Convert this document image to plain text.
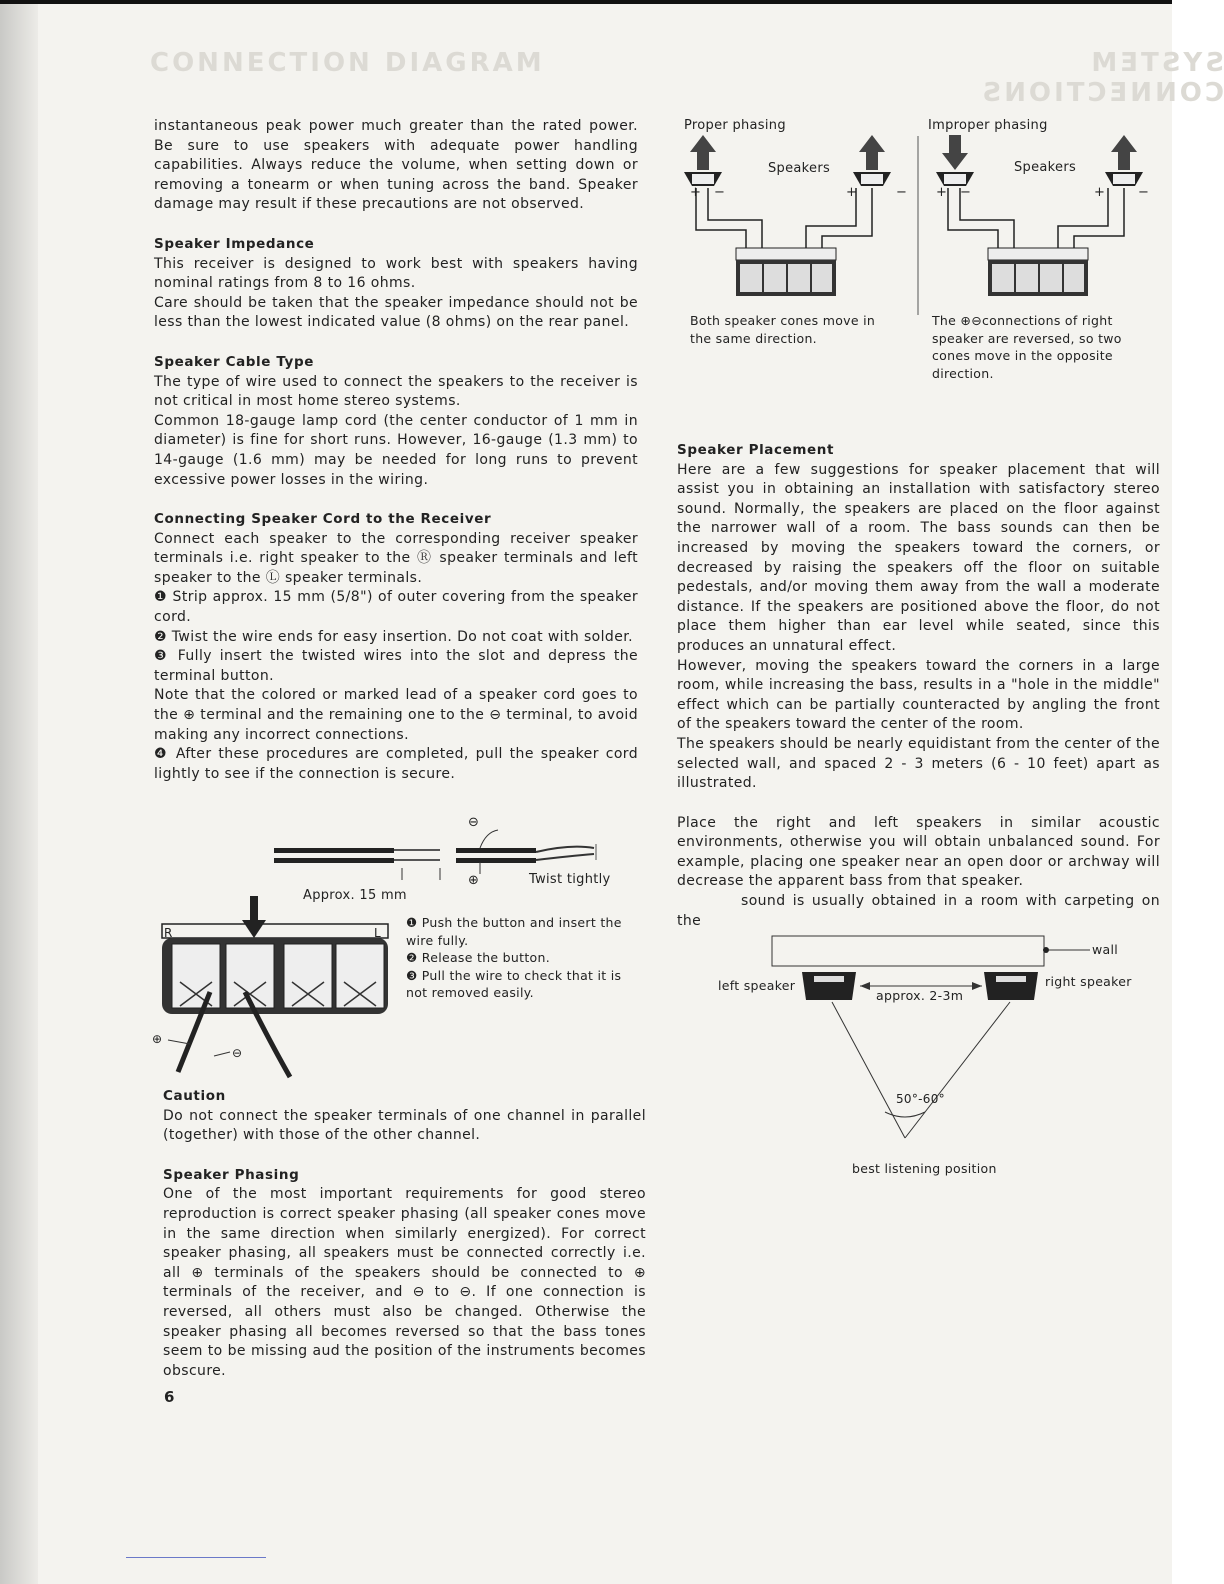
CONNECTION DIAGRAM	SYSTEM CONNECTIONS

instantaneous peak power much greater than the rated power. Be sure to use speakers with adequate power handling capabilities. Always reduce the volume, when setting down or removing a tonearm or when tuning across the band. Speaker damage may result if these precautions are not observed.

Speaker Impedance

This receiver is designed to work best with speakers having nominal ratings from 8 to 16 ohms.

Care should be taken that the speaker impedance should not be less than the lowest indicated value (8 ohms) on the rear panel.

Speaker Cable Type

The type of wire used to connect the speakers to the receiver is not critical in most home stereo systems.

Common 18-gauge lamp cord (the center conductor of 1 mm in diameter) is fine for short runs. However, 16-gauge (1.3 mm) to 14-gauge (1.6 mm) may be needed for long runs to prevent excessive power losses in the wiring.

Connecting Speaker Cord to the Receiver

Connect each speaker to the corresponding receiver speaker terminals i.e. right speaker to the Ⓡ speaker terminals and left speaker to the Ⓛ speaker terminals.

❶ Strip approx. 15 mm (5/8") of outer covering from the speaker cord.

❷ Twist the wire ends for easy insertion. Do not coat with solder.

❸ Fully insert the twisted wires into the slot and depress the terminal button.

Note that the colored or marked lead of a speaker cord goes to the ⊕ terminal and the remaining one to the ⊖ terminal, to avoid making any incorrect connections.

❹ After these procedures are completed, pull the speaker cord lightly to see if the connection is secure.

⊖
⊕	Twist tightly
Approx. 15 mm
R	L
⊕
⊖

❶ Push the button and insert the wire fully.

❷ Release the button.

❸ Pull the wire to check that it is not removed easily.

Caution

Do not connect the speaker terminals of one channel in parallel (together) with those of the other channel.

Speaker Phasing

One of the most important requirements for good stereo reproduction is correct speaker phasing (all speaker cones move in the same direction when similarly energized). For correct speaker phasing, all speakers must be connected correctly i.e. all ⊕ terminals of the speakers should be connected to ⊕ terminals of the receiver, and ⊖ to ⊖. If one connection is reversed, all others must also be changed. Otherwise the speaker phasing all becomes reversed so that the bass tones seem to be missing aud the position of the instruments becomes obscure.

6
Proper phasing	Improper phasing
Speakers	Speakers
+ −	+	− + −	+	−
Both speaker cones move in the same direction.
The ⊕⊖connections of right speaker are reversed, so two cones move in the opposite direction.
Speaker Placement

Here are a few suggestions for speaker placement that will assist you in obtaining an installation with satisfactory stereo sound. Normally, the speakers are placed on the floor against the narrower wall of a room. The bass sounds can then be increased by moving the speakers toward the corners, or decreased by raising the speakers off the floor on suitable pedestals, and/or moving them away from the wall a moderate distance. If the speakers are positioned above the floor, do not place them higher than ear level while seated, since this produces an unnatural effect.

However, moving the speakers toward the corners in a large room, while increasing the bass, results in a "hole in the middle" effect which can be partially counteracted by angling the front of the speakers toward the center of the room.

The speakers should be nearly equidistant from the center of the selected wall, and spaced 2 - 3 meters (6 - 10 feet) apart as illustrated.

Place the right and left speakers in similar acoustic environments, otherwise you will obtain unbalanced sound. For example, placing one speaker near an open door or archway will decrease the apparent bass from that speaker.

sound is usually obtained in a room with carpeting on the

wall
left speaker	right speaker
approx. 2-3m
50°-60°
best listening position
